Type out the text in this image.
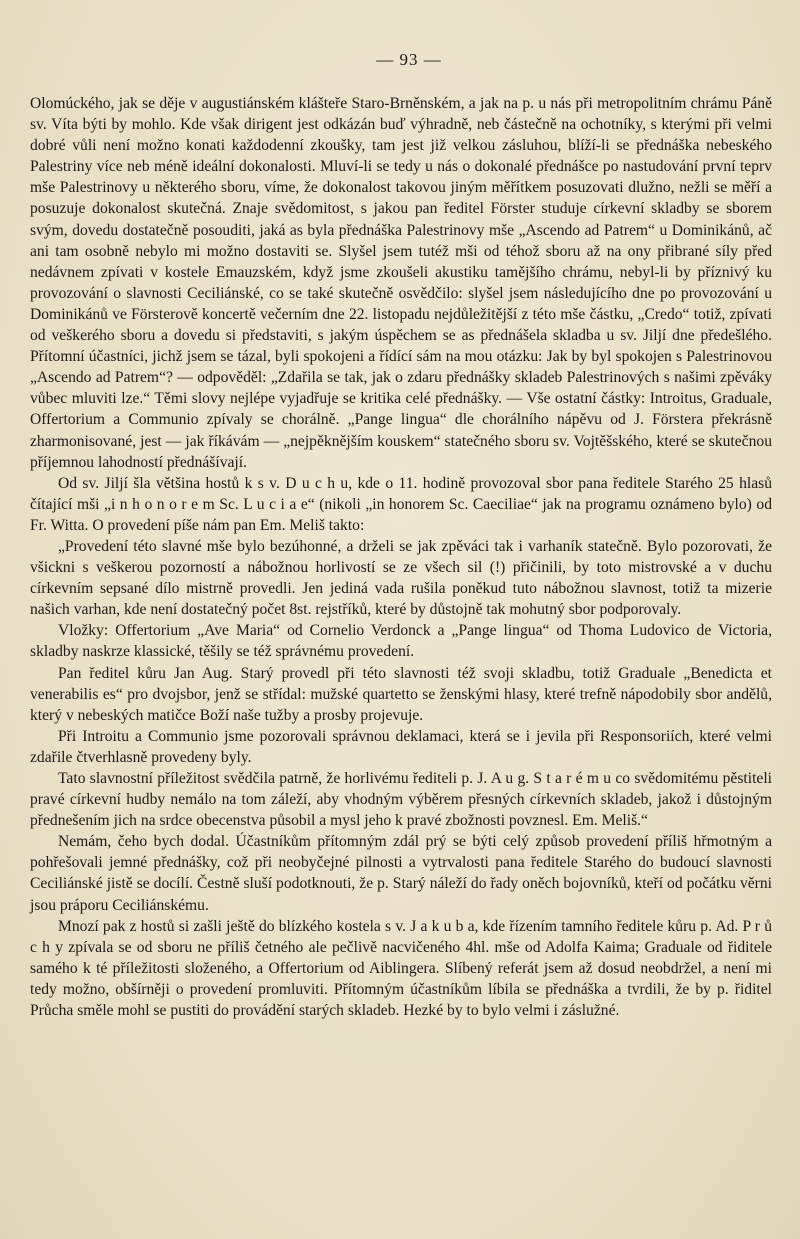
— 93 —

Olomúckého, jak se děje v augustiánském klášteře Staro-Brněnském, a jak na p. u nás při metropolitním chrámu Páně sv. Víta býti by mohlo. Kde však dirigent jest odkázán buď výhradně, neb částečně na ochotníky, s kterými při velmi dobré vůli není možno konati každodenní zkoušky, tam jest již velkou zásluhou, blíží-li se přednáška nebeského Palestriny více neb méně ideální dokonalosti. Mluví-li se tedy u nás o dokonalé přednášce po nastudování první teprv mše Palestrinovy u některého sboru, víme, že dokonalost takovou jiným měřítkem posuzovati dlužno, nežli se měří a posuzuje dokonalost skutečná. Znaje svědomitost, s jakou pan ředitel Förster studuje církevní skladby se sborem svým, dovedu dostatečně posouditi, jaká as byla přednáška Palestrinovy mše „Ascendo ad Patrem“ u Dominikánů, ač ani tam osobně nebylo mi možno dostaviti se. Slyšel jsem tutéž mši od téhož sboru až na ony přibrané síly před nedávnem zpívati v kostele Emauzském, když jsme zkoušeli akustiku tamějšího chrámu, nebyl-li by příznivý ku provozování o slavnosti Ceciliánské, co se také skutečně osvědčilo: slyšel jsem následujícího dne po provozování u Dominikánů ve Försterově koncertě večerním dne 22. listopadu nejdůležitější z této mše částku, „Credo“ totiž, zpívati od veškerého sboru a dovedu si představiti, s jakým úspěchem se as přednášela skladba u sv. Jiljí dne předešlého. Přítomní účastníci, jichž jsem se tázal, byli spokojeni a řídící sám na mou otázku: Jak by byl spokojen s Palestrinovou „Ascendo ad Patrem“? — odpověděl: „Zdařila se tak, jak o zdaru přednášky skladeb Palestrinových s našimi zpěváky vůbec mluviti lze.“ Těmi slovy nejlépe vyjadřuje se kritika celé přednášky. — Vše ostatní částky: Introitus, Graduale, Offertorium a Communio zpívaly se chorálně. „Pange lingua“ dle chorálního nápěvu od J. Förstera překrásně zharmonisované, jest — jak říkávám — „nejpěknějším kouskem“ statečného sboru sv. Vojtěšského, které se skutečnou příjemnou lahodností přednášívají.

Od sv. Jiljí šla většina hostů k s v. D u c h u, kde o 11. hodině provozoval sbor pana ředitele Starého 25 hlasů čítající mši „i n h o n o r e m Sc. L u c i a e“ (nikoli „in honorem Sc. Caeciliae“ jak na programu oznámeno bylo) od Fr. Witta. O provedení píše nám pan Em. Meliš takto:

„Provedení této slavné mše bylo bezúhonné, a drželi se jak zpěváci tak i varhaník statečně. Bylo pozorovati, že všickni s veškerou pozorností a nábožnou horlivostí se ze všech sil (!) přičinili, by toto mistrovské a v duchu církevním sepsané dílo mistrně provedli. Jen jediná vada rušila poněkud tuto nábožnou slavnost, totiž ta mizerie našich varhan, kde není dostatečný počet 8st. rejstříků, které by důstojně tak mohutný sbor podporovaly.

Vložky: Offertorium „Ave Maria“ od Cornelio Verdonck a „Pange lingua“ od Thoma Ludovico de Victoria, skladby naskrze klassické, těšily se též správnému provedení.

Pan ředitel kůru Jan Aug. Starý provedl při této slavnosti též svoji skladbu, totiž Graduale „Benedicta et venerabilis es“ pro dvojsbor, jenž se střídal: mužské quartetto se ženskými hlasy, které trefně nápodobily sbor andělů, který v nebeských matičce Boží naše tužby a prosby projevuje.

Při Introitu a Communio jsme pozorovali správnou deklamaci, která se i jevila při Responsoriích, které velmi zdařile čtverhlasně provedeny byly.

Tato slavnostní příležitost svědčila patrně, že horlivému řediteli p. J. A u g. S t a r é m u co svědomitému pěstiteli pravé církevní hudby nemálo na tom záleží, aby vhodným výběrem přesných církevních skladeb, jakož i důstojným přednešením jich na srdce obecenstva působil a mysl jeho k pravé zbožnosti povznesl. Em. Meliš.“

Nemám, čeho bych dodal. Účastníkům přítomným zdál prý se býti celý způsob provedení příliš hřmotným a pohřešovali jemné přednášky, což při neobyčejné pilnosti a vytrvalosti pana ředitele Starého do budoucí slavnosti Ceciliánské jistě se docílí. Čestně sluší podotknouti, že p. Starý náleží do řady oněch bojovníků, kteří od počátku věrni jsou práporu Ceciliánskému.

Mnozí pak z hostů si zašli ještě do blízkého kostela s v. J a k u b a, kde řízením tamního ředitele kůru p. Ad. P r ů c h y zpívala se od sboru ne příliš četného ale pečlivě nacvičeného 4hl. mše od Adolfa Kaima; Graduale od řiditele samého k té příležitosti složeného, a Offertorium od Aiblingera. Slíbený referát jsem až dosud neobdržel, a není mi tedy možno, obšírněji o provedení promluviti. Přítomným účastníkům líbila se přednáška a tvrdili, že by p. řiditel Průcha směle mohl se pustiti do provádění starých skladeb. Hezké by to bylo velmi i záslužné.
